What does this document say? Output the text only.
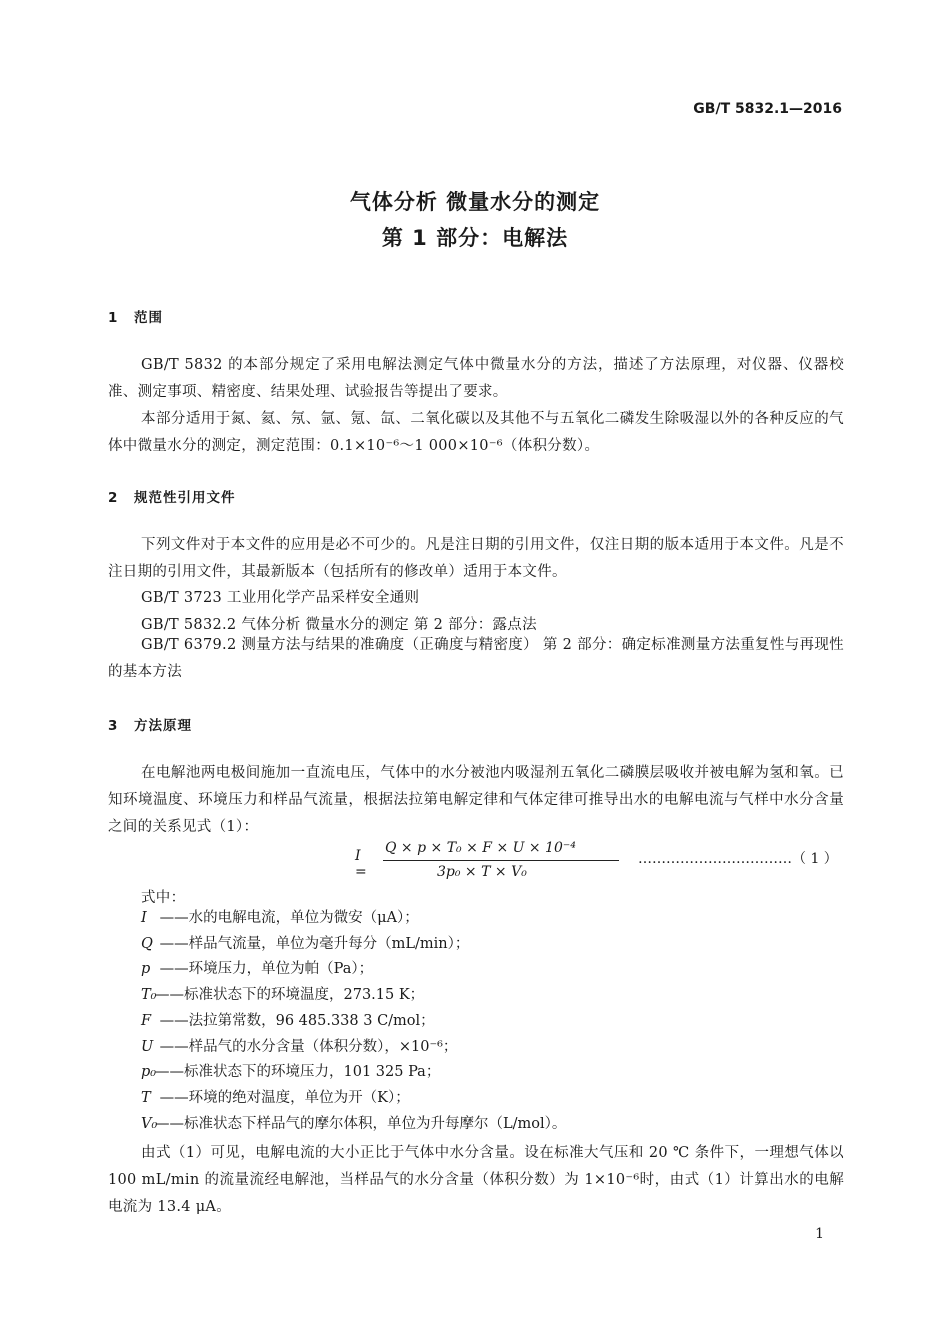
GB/T 5832.1—2016
气体分析 微量水分的测定
第 1 部分：电解法
1 范围
GB/T 5832 的本部分规定了采用电解法测定气体中微量水分的方法，描述了方法原理，对仪器、仪器校准、测定事项、精密度、结果处理、试验报告等提出了要求。
本部分适用于氮、氦、氖、氩、氪、氙、二氧化碳以及其他不与五氧化二磷发生除吸湿以外的各种反应的气体中微量水分的测定，测定范围：0.1×10⁻⁶～1 000×10⁻⁶（体积分数）。
2 规范性引用文件
下列文件对于本文件的应用是必不可少的。凡是注日期的引用文件，仅注日期的版本适用于本文件。凡是不注日期的引用文件，其最新版本（包括所有的修改单）适用于本文件。
GB/T 3723 工业用化学产品采样安全通则
GB/T 5832.2 气体分析 微量水分的测定 第 2 部分：露点法
GB/T 6379.2 测量方法与结果的准确度（正确度与精密度） 第 2 部分：确定标准测量方法重复性与再现性的基本方法
3 方法原理
在电解池两电极间施加一直流电压，气体中的水分被池内吸湿剂五氧化二磷膜层吸收并被电解为氢和氧。已知环境温度、环境压力和样品气流量，根据法拉第电解定律和气体定律可推导出水的电解电流与气样中水分含量之间的关系见式（1）：
I =
Q × p × T₀ × F × U × 10⁻⁴
3p₀ × T × V₀
……………………………（ 1 ）
式中：
I ——水的电解电流，单位为微安（μA）；
Q ——样品气流量，单位为毫升每分（mL/min）；
p ——环境压力，单位为帕（Pa）；
T₀——标准状态下的环境温度，273.15 K；
F ——法拉第常数，96 485.338 3 C/mol；
U ——样品气的水分含量（体积分数），×10⁻⁶；
p₀——标准状态下的环境压力，101 325 Pa；
T ——环境的绝对温度，单位为开（K）；
V₀——标准状态下样品气的摩尔体积，单位为升每摩尔（L/mol）。
由式（1）可见，电解电流的大小正比于气体中水分含量。设在标准大气压和 20 ℃ 条件下，一理想气体以 100 mL/min 的流量流经电解池，当样品气的水分含量（体积分数）为 1×10⁻⁶时，由式（1）计算出水的电解电流为 13.4 μA。
1
